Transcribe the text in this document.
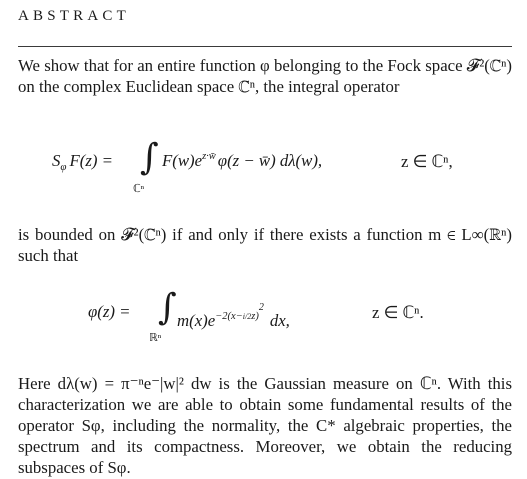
ABSTRACT
We show that for an entire function φ belonging to the Fock space 𝓕²(ℂⁿ) on the complex Euclidean space ℂⁿ, the integral operator
$S_\varphi$ F(z) = ∫
ℂⁿ
$F(w)e^{z\cdot w̄}$ φ(z − w̄) dλ(w),	z ∈ ℂⁿ,
is bounded on 𝓕²(ℂⁿ) if and only if there exists a function m ∈ L∞(ℝⁿ) such that
φ(z) = ∫
ℝⁿ
$m(x)e^{-2(x-i/2z)2}dx$,	z ∈ ℂⁿ.
Here dλ(w) = π⁻ⁿe⁻|w|² dw is the Gaussian measure on ℂⁿ. With this characterization we are able to obtain some fundamental results of the operator Sφ, including the normality, the C* algebraic properties, the spectrum and its compactness. Moreover, we obtain the reducing subspaces of Sφ.
